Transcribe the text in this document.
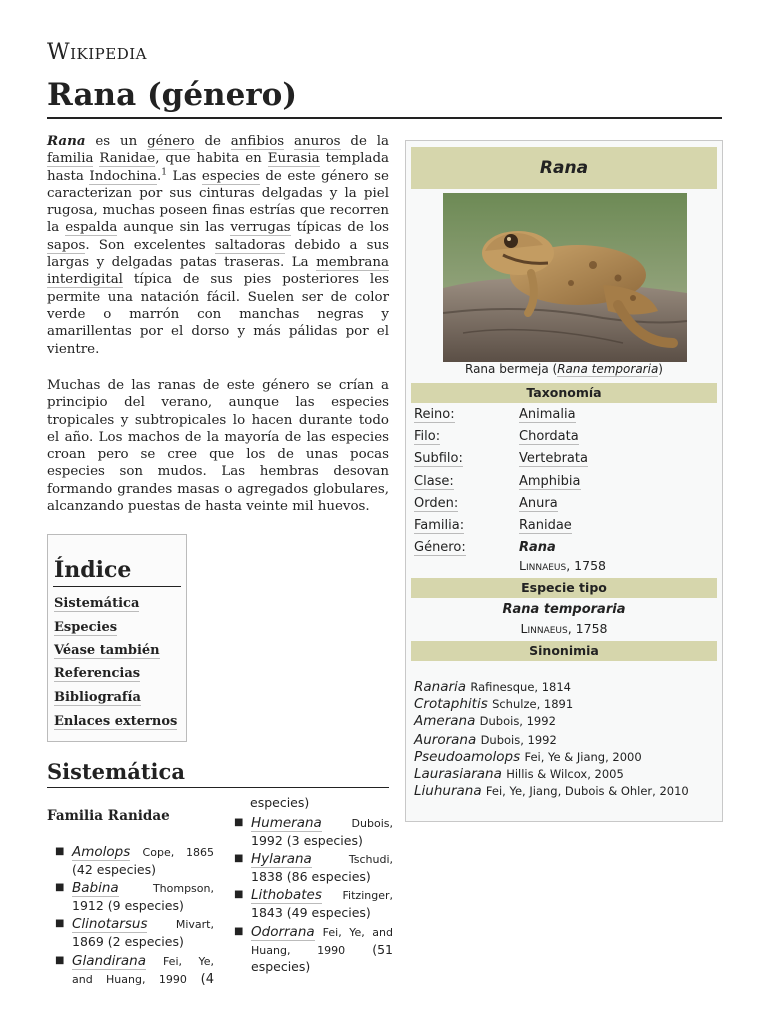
Wikipedia
Rana (género)
Rana es un género de anfibios anuros de la familia Ranidae, que habita en Eurasia templada hasta Indochina.$^1$ Las especies de este género se caracterizan por sus cinturas delgadas y la piel rugosa, muchas poseen finas estrías que recorren la espalda aunque sin las verrugas típicas de los sapos. Son excelentes saltadoras debido a sus largas y delgadas patas traseras. La membrana interdigital típica de sus pies posteriores les permite una natación fácil. Suelen ser de color verde o marrón con manchas negras y amarillentas por el dorso y más pálidas por el vientre.
Muchas de las ranas de este género se crían a principio del verano, aunque las especies tropicales y subtropicales lo hacen durante todo el año. Los machos de la mayoría de las especies croan pero se cree que los de unas pocas especies son mudos. Las hembras desovan formando grandes masas o agregados globulares, alcanzando puestas de hasta veinte mil huevos.
Índice
Sistemática
Especies
Véase también
Referencias
Bibliografía
Enlaces externos
Sistemática
Familia Ranidae
■ Amolops Cope, 1865
(42 especies)
■ Babina	Thompson,
1912 (9 especies)
■ Clinotarsus	Mivart,
1869 (2 especies)
■ Glandirana Fei, Ye,
and Huang, 1990 (4
especies)
■ Humerana	Dubois,
1992 (3 especies)
■ Hylarana	Tschudi,
1838 (86 especies)
■ Lithobates Fitzinger,
1843 (49 especies)
■ Odorrana Fei, Ye, and
Huang, 1990 (51
especies)
Rana
Rana bermeja (Rana temporaria)
Taxonomía
Reino:	Animalia
Filo:	Chordata
Subfilo:	Vertebrata
Clase:	Amphibia
Orden:	Anura
Familia:	Ranidae
Género:	Rana
Linnaeus, 1758
Especie tipo
Rana temporaria
Linnaeus, 1758
Sinonimia
Ranaria Rafinesque, 1814
Crotaphitis Schulze, 1891
Amerana Dubois, 1992
Aurorana Dubois, 1992
Pseudoamolops Fei, Ye & Jiang, 2000
Laurasiarana Hillis & Wilcox, 2005
Liuhurana Fei, Ye, Jiang, Dubois & Ohler, 2010
